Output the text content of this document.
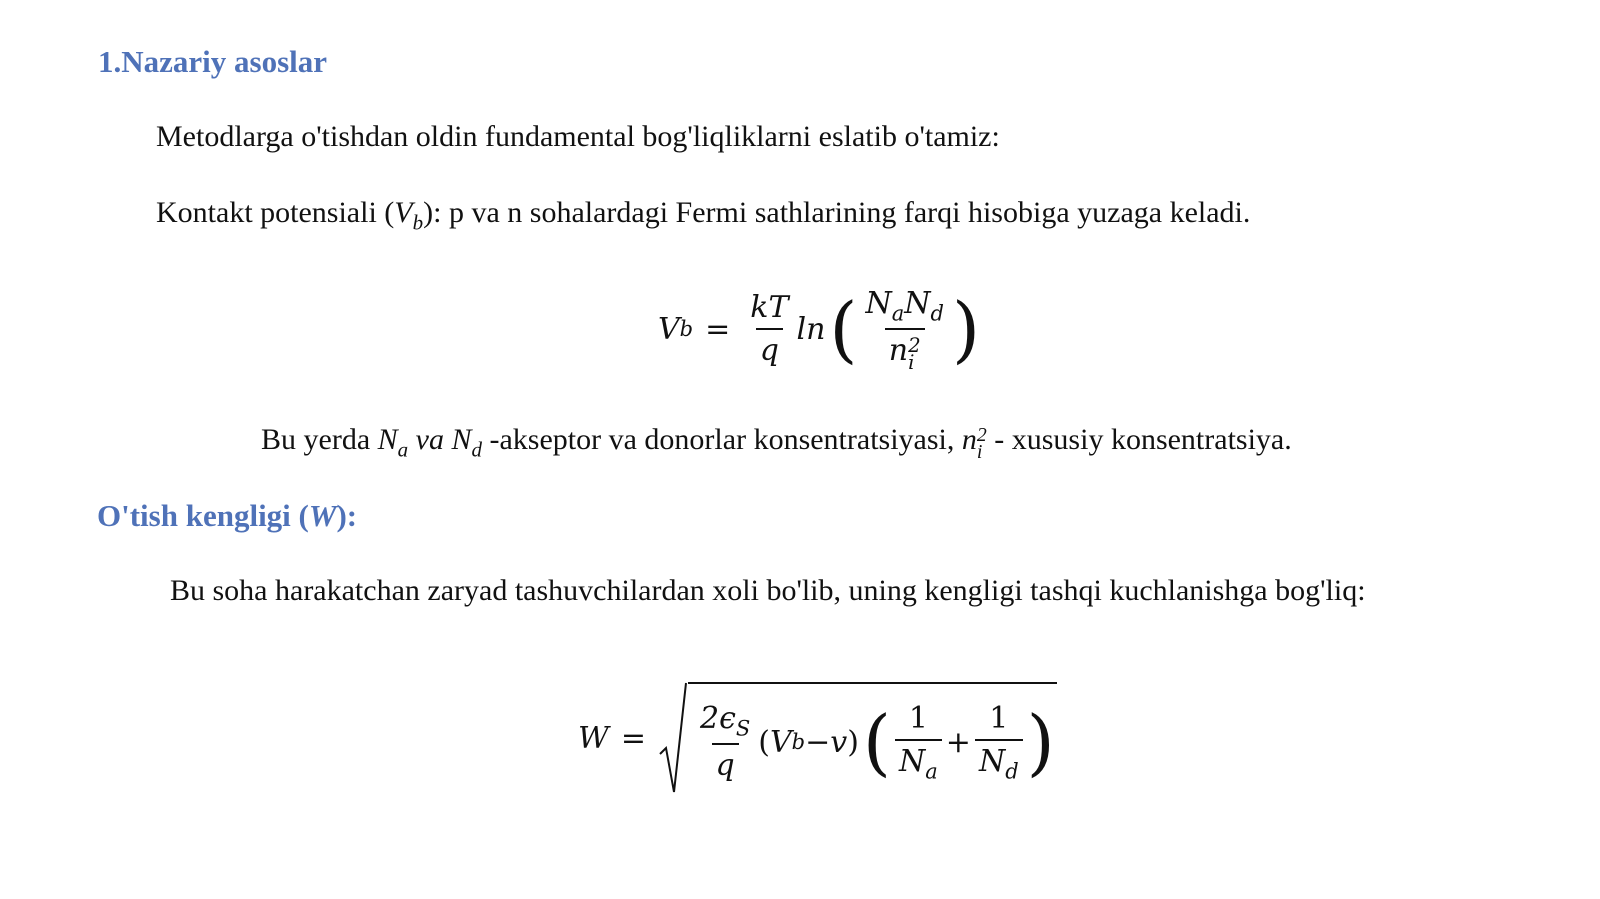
1.Nazariy asoslar
Metodlarga o'tishdan oldin fundamental bog'liqliklarni eslatib o'tamiz:
Kontakt potensiali $(V_b)$: p va n sohalardagi Fermi sathlarining farqi hisobiga yuzaga keladi.
V $b = \frac{kT}{q}$ ln ( $N_aN_d$
n 2
i )
Bu yerda $N_a$ va $N_d$ -akseptor va donorlar konsentratsiyasi, n 2
i - xususiy konsentratsiya.
O'tish kengligi (W):
Bu soha harakatchan zaryad tashuvchilardan xoli bo'lib, uning kengligi tashqi kuchlanishga bog'liq:
$W = \frac{2\epsilon_S}{q}$ ( V b − v ) ( $\frac{1}{N_a} + \frac{1}{N_d}$ )
